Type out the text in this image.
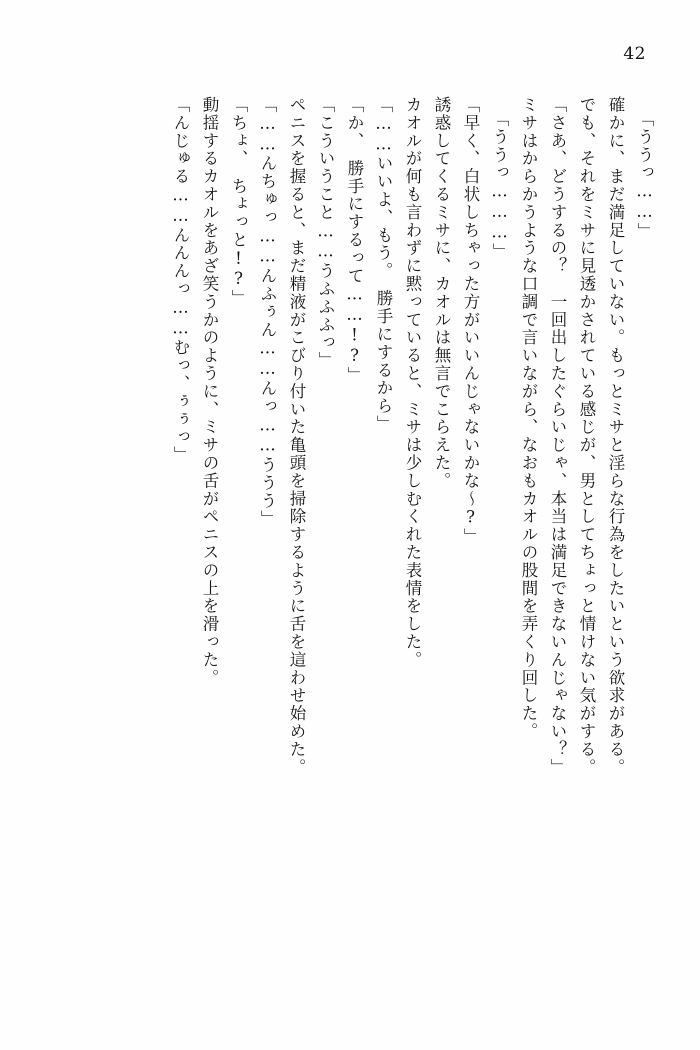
42
「ううっ……」
確かに、まだ満足していない。もっとミサと淫らな行為をしたいという欲求がある。
でも、それをミサに見透かされている感じが、男としてちょっと情けない気がする。
「さあ、どうするの？　一回出したぐらいじゃ、本当は満足できないんじゃない？」
ミサはからかうような口調で言いながら、なおもカオルの股間を弄くり回した。
「ううっ………」
「早く、白状しちゃった方がいいんじゃないかな～?」
誘惑してくるミサに、カオルは無言でこらえた。
カオルが何も言わずに黙っていると、ミサは少しむくれた表情をした。
「……いいよ、もう。　勝手にするから」
「か、　勝手にするって……!?」
「こういうこと……うふふふっ」
ペニスを握ると、まだ精液がこびり付いた亀頭を掃除するように舌を這わせ始めた。
「……んちゅっ……んふぅん……んっ……ううう」
「ちょ、　ちょっと!?」
動揺するカオルをあざ笑うかのように、ミサの舌がペニスの上を滑った。
「んじゅる……んんんっ……むっ、ぅぅっ」
